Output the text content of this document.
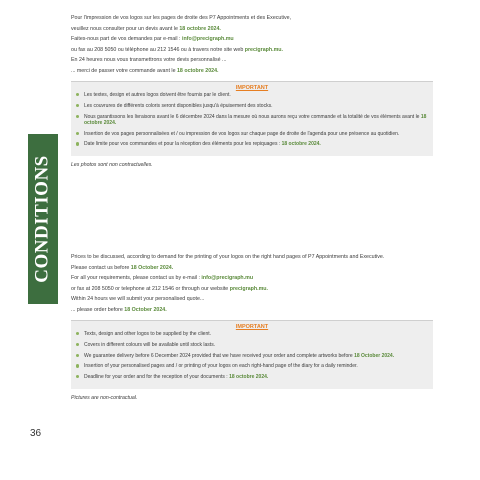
CONDITIONS

Pour l'impression de vos logos sur les pages de droite des P7 Appointments et des Executive,

veuillez nous consulter pour un devis avant le 18 octobre 2024.

Faites-nous part de vos demandes par e-mail : info@precigraph.mu

ou fax au 208 5050 ou téléphone au 212 1546 ou à travers notre site web precigraph.mu.

En 24 heures nous vous transmettrons votre devis personnalisé ...

... merci de passer votre commande avant le 18 octobre 2024.

IMPORTANT
Les textes, design et autres logos doivent être fournis par le client.
Les couvrures de différents coloris seront disponibles jusqu'à épuisement des stocks.
Nous garantissons les livraisons avant le 6 décembre 2024 dans la mesure où nous aurons reçu votre commande et la totalité de vos éléments avant le 18 octobre 2024.
Insertion de vos pages personnalisées et / ou impression de vos logos sur chaque page de droite de l'agenda pour une présence au quotidien.
Date limite pour vos commandes et pour la réception des éléments pour les repiquages : 18 octobre 2024.
Les photos sont non contractuelles.

Prices to be discussed, according to demand for the printing of your logos on the right hand pages of P7 Appointments and Executive.

Please contact us before 18 October 2024.

For all your requirements, please contact us by e-mail : info@precigraph.mu

or fax at 208 5050 or telephone at 212 1546 or through our website precigraph.mu.

Within 24 hours we will submit your personalised quote...

... please order before 18 October 2024.

IMPORTANT
Texts, design and other logos to be supplied by the client.
Covers in different colours will be available until stock lasts.
We guarantee delivery before 6 December 2024 provided that we have received your order and complete artworks before 18 October 2024.
Insertion of your personalised pages and / or printing of your logos on each right-hand page of the diary for a daily reminder.
Deadline for your order and for the reception of your documents : 18 octobre 2024.
Pictures are non-contractual.
36
